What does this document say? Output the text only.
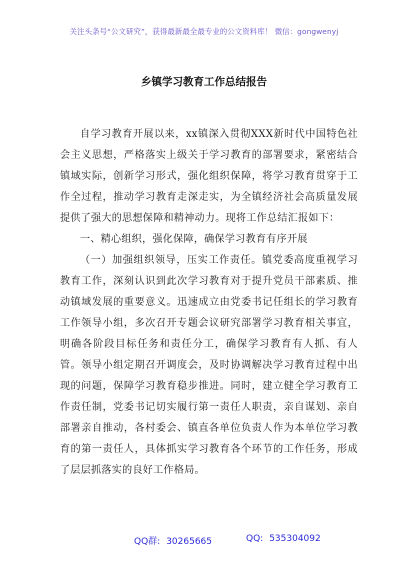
关注头条号“公文研究”，获得最新最全最专业的公文资料库！ 微信：gongwenyj
乡镇学习教育工作总结报告

自学习教育开展以来，xx镇深入贯彻XXX新时代中国特色社会主义思想，严格落实上级关于学习教育的部署要求，紧密结合镇域实际，创新学习形式，强化组织保障，将学习教育贯穿于工作全过程，推动学习教育走深走实，为全镇经济社会高质量发展提供了强大的思想保障和精神动力。现将工作总结汇报如下：

一、精心组织，强化保障，确保学习教育有序开展

（一）加强组织领导，压实工作责任。镇党委高度重视学习教育工作，深刻认识到此次学习教育对于提升党员干部素质、推动镇域发展的重要意义。迅速成立由党委书记任组长的学习教育工作领导小组，多次召开专题会议研究部署学习教育相关事宜，明确各阶段目标任务和责任分工，确保学习教育有人抓、有人管。领导小组定期召开调度会，及时协调解决学习教育过程中出现的问题，保障学习教育稳步推进。同时，建立健全学习教育工作责任制，党委书记切实履行第一责任人职责，亲自谋划、亲自部署亲自推动，各村委会、镇直各单位负责人作为本单位学习教育的第一责任人，具体抓实学习教育各个环节的工作任务，形成了层层抓落实的良好工作格局。

QQ群: 30265665	QQ: 535304092
